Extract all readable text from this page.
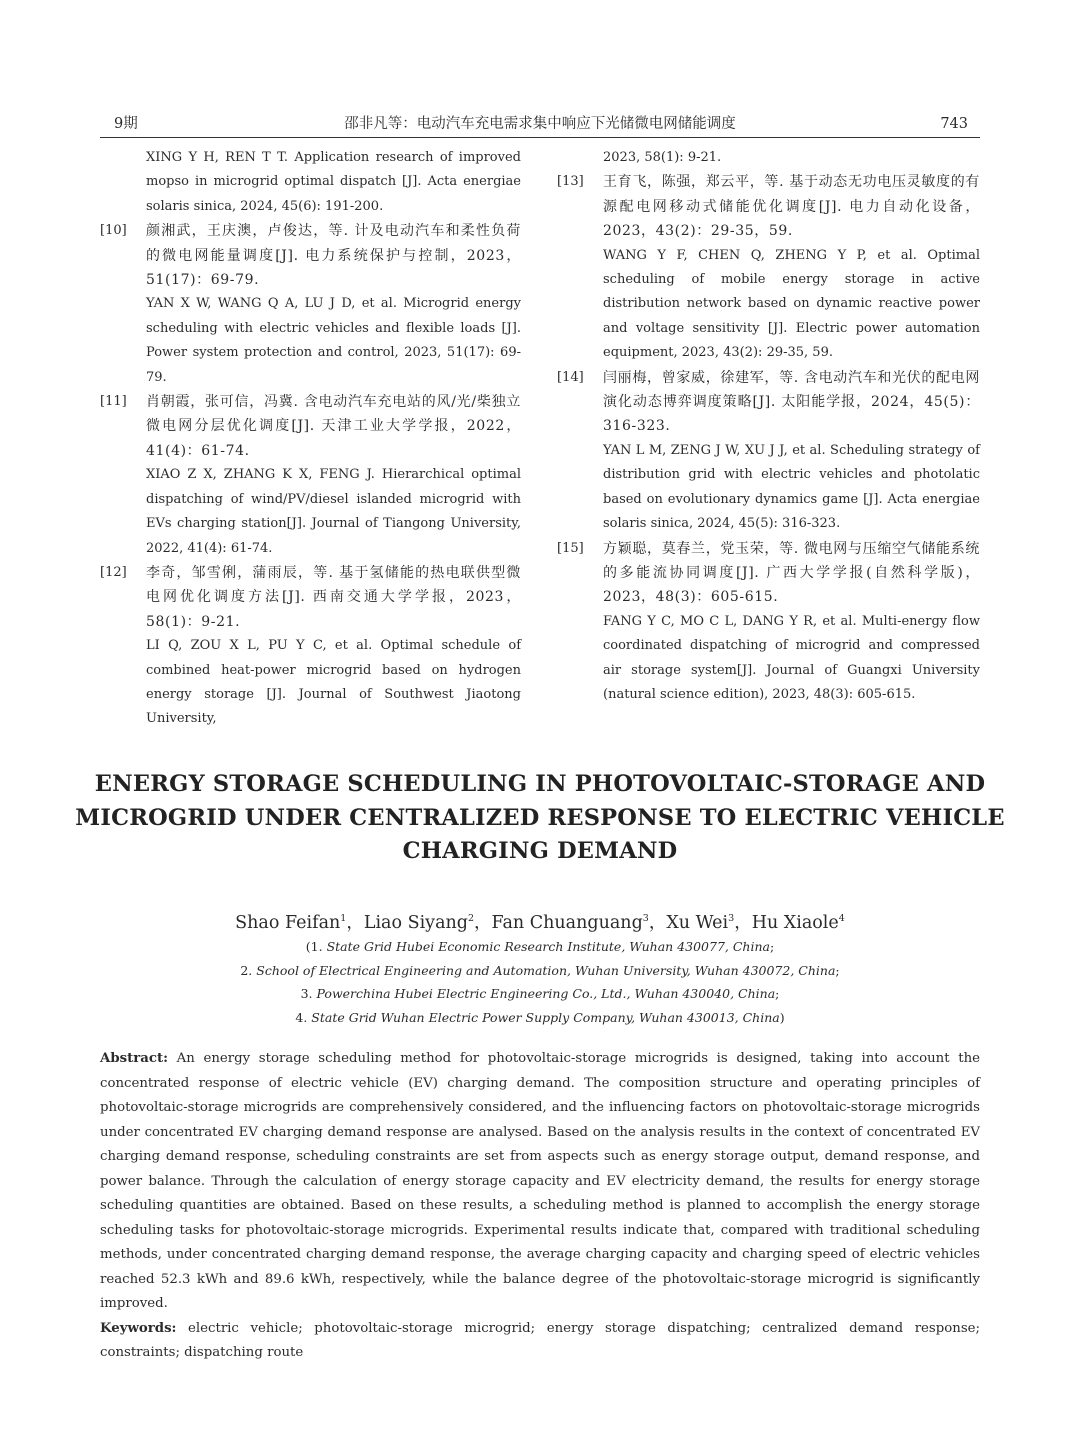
9期	邵非凡等：电动汽车充电需求集中响应下光储微电网储能调度	743

XING Y H, REN T T. Application research of improved mopso in microgrid optimal dispatch [J]. Acta energiae solaris sinica, 2024, 45(6): 191-200.

[10] 颜湘武，王庆澳，卢俊达，等. 计及电动汽车和柔性负荷的微电网能量调度[J]. 电力系统保护与控制，2023，51(17)：69-79.

YAN X W, WANG Q A, LU J D, et al. Microgrid energy scheduling with electric vehicles and flexible loads [J]. Power system protection and control, 2023, 51(17): 69-79.

[11] 肖朝霞，张可信，冯冀. 含电动汽车充电站的风/光/柴独立微电网分层优化调度[J]. 天津工业大学学报，2022，41(4)：61-74.

XIAO Z X, ZHANG K X, FENG J. Hierarchical optimal dispatching of wind/PV/diesel islanded microgrid with EVs charging station[J]. Journal of Tiangong University, 2022, 41(4): 61-74.

[12] 李奇，邹雪俐，蒲雨辰，等. 基于氢储能的热电联供型微电网优化调度方法[J]. 西南交通大学学报，2023，58(1)：9-21.

LI Q, ZOU X L, PU Y C, et al. Optimal schedule of combined heat-power microgrid based on hydrogen energy storage [J]. Journal of Southwest Jiaotong University,

2023, 58(1): 9-21.

[13] 王育飞，陈强，郑云平，等. 基于动态无功电压灵敏度的有源配电网移动式储能优化调度[J]. 电力自动化设备，2023，43(2)：29-35，59.

WANG Y F, CHEN Q, ZHENG Y P, et al. Optimal scheduling of mobile energy storage in active distribution network based on dynamic reactive power and voltage sensitivity [J]. Electric power automation equipment, 2023, 43(2): 29-35, 59.

[14] 闫丽梅，曾家威，徐建军，等. 含电动汽车和光伏的配电网演化动态博弈调度策略[J]. 太阳能学报，2024，45(5)：316-323.

YAN L M, ZENG J W, XU J J, et al. Scheduling strategy of distribution grid with electric vehicles and photolatic based on evolutionary dynamics game [J]. Acta energiae solaris sinica, 2024, 45(5): 316-323.

[15] 方颖聪，莫春兰，党玉荣，等. 微电网与压缩空气储能系统的多能流协同调度[J]. 广西大学学报(自然科学版)，2023，48(3)：605-615.

FANG Y C, MO C L, DANG Y R, et al. Multi-energy flow coordinated dispatching of microgrid and compressed air storage system[J]. Journal of Guangxi University (natural science edition), 2023, 48(3): 605-615.

ENERGY STORAGE SCHEDULING IN PHOTOVOLTAIC-STORAGE AND
MICROGRID UNDER CENTRALIZED RESPONSE TO ELECTRIC VEHICLE
CHARGING DEMAND
Shao Feifan$^1$，Liao Siyang$^2$，Fan Chuanguang$^3$，Xu Wei$^3$，Hu Xiaole$^4$
(1. State Grid Hubei Economic Research Institute, Wuhan 430077, China;
2. School of Electrical Engineering and Automation, Wuhan University, Wuhan 430072, China;
3. Powerchina Hubei Electric Engineering Co., Ltd., Wuhan 430040, China;
4. State Grid Wuhan Electric Power Supply Company, Wuhan 430013, China)

Abstract: An energy storage scheduling method for photovoltaic-storage microgrids is designed, taking into account the concentrated response of electric vehicle (EV) charging demand. The composition structure and operating principles of photovoltaic-storage microgrids are comprehensively considered, and the influencing factors on photovoltaic-storage microgrids under concentrated EV charging demand response are analysed. Based on the analysis results in the context of concentrated EV charging demand response, scheduling constraints are set from aspects such as energy storage output, demand response, and power balance. Through the calculation of energy storage capacity and EV electricity demand, the results for energy storage scheduling quantities are obtained. Based on these results, a scheduling method is planned to accomplish the energy storage scheduling tasks for photovoltaic-storage microgrids. Experimental results indicate that, compared with traditional scheduling methods, under concentrated charging demand response, the average charging capacity and charging speed of electric vehicles reached 52.3 kWh and 89.6 kWh, respectively, while the balance degree of the photovoltaic-storage microgrid is significantly improved.

Keywords: electric vehicle; photovoltaic-storage microgrid; energy storage dispatching; centralized demand response; constraints; dispatching route
